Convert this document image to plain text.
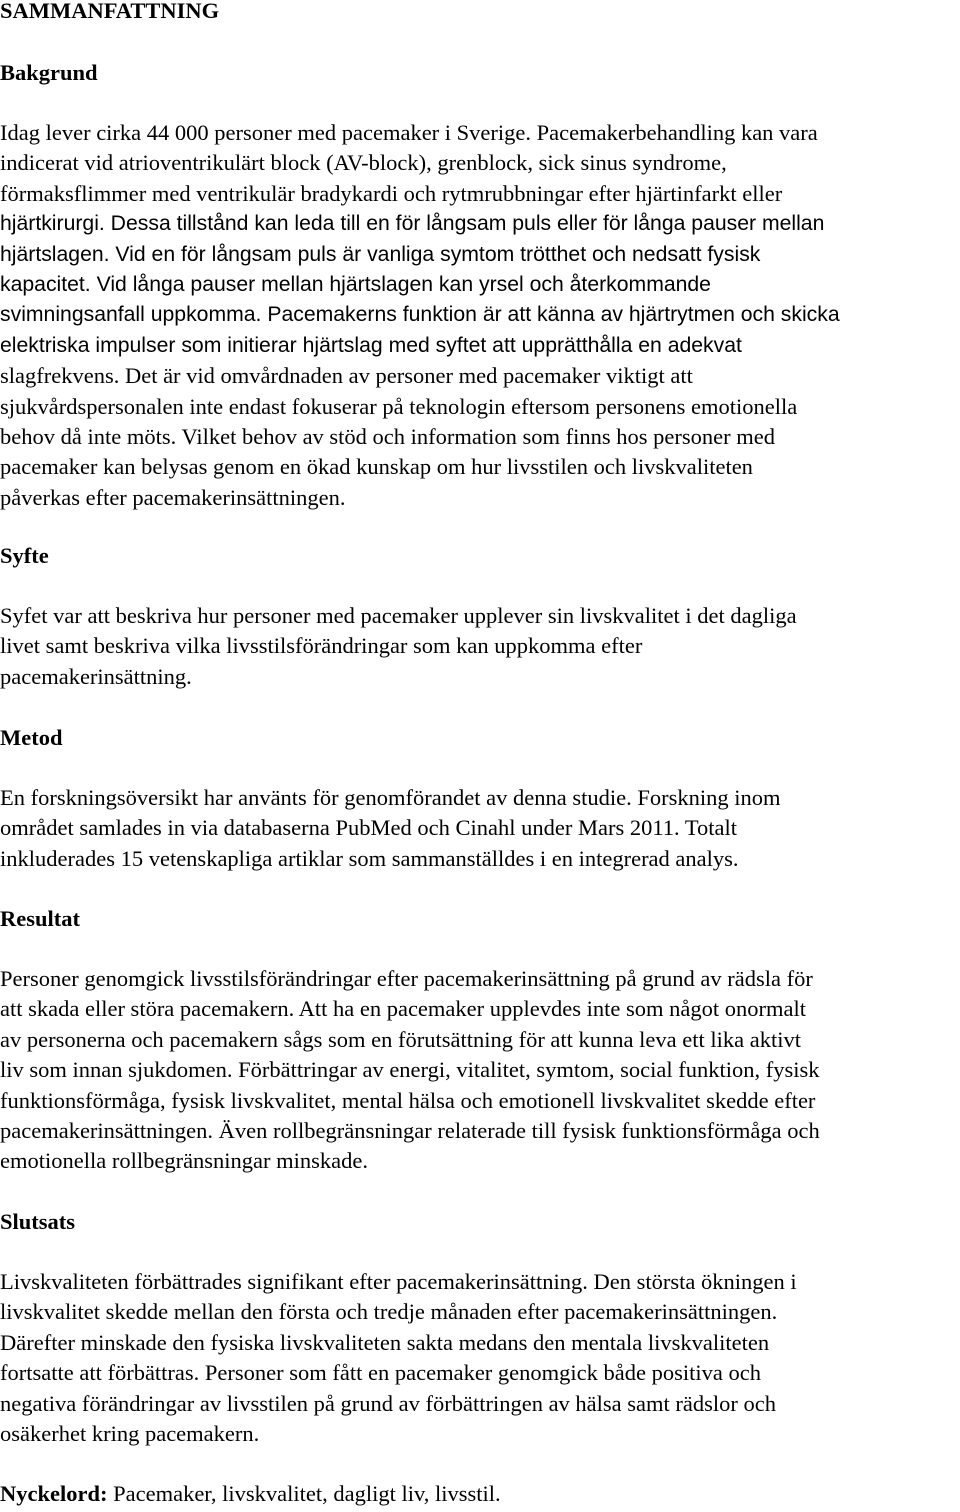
SAMMANFATTNING
Bakgrund
Idag lever cirka 44 000 personer med pacemaker i Sverige. Pacemakerbehandling kan vara
indicerat vid atrioventrikulärt block (AV-block), grenblock, sick sinus syndrome,
förmaksflimmer med ventrikulär bradykardi och rytmrubbningar efter hjärtinfarkt eller
hjärtkirurgi. Dessa tillstånd kan leda till en för långsam puls eller för långa pauser mellan
hjärtslagen. Vid en för långsam puls är vanliga symtom trötthet och nedsatt fysisk
kapacitet. Vid långa pauser mellan hjärtslagen kan yrsel och återkommande
svimningsanfall uppkomma. Pacemakerns funktion är att känna av hjärtrytmen och skicka
elektriska impulser som initierar hjärtslag med syftet att upprätthålla en adekvat
slagfrekvens. Det är vid omvårdnaden av personer med pacemaker viktigt att
sjukvårdspersonalen inte endast fokuserar på teknologin eftersom personens emotionella
behov då inte möts. Vilket behov av stöd och information som finns hos personer med
pacemaker kan belysas genom en ökad kunskap om hur livsstilen och livskvaliteten
påverkas efter pacemakerinsättningen.
Syfte
Syfet var att beskriva hur personer med pacemaker upplever sin livskvalitet i det dagliga
livet samt beskriva vilka livsstilsförändringar som kan uppkomma efter
pacemakerinsättning.
Metod
En forskningsöversikt har använts för genomförandet av denna studie. Forskning inom
området samlades in via databaserna PubMed och Cinahl under Mars 2011. Totalt
inkluderades 15 vetenskapliga artiklar som sammanställdes i en integrerad analys.
Resultat
Personer genomgick livsstilsförändringar efter pacemakerinsättning på grund av rädsla för
att skada eller störa pacemakern. Att ha en pacemaker upplevdes inte som något onormalt
av personerna och pacemakern sågs som en förutsättning för att kunna leva ett lika aktivt
liv som innan sjukdomen. Förbättringar av energi, vitalitet, symtom, social funktion, fysisk
funktionsförmåga, fysisk livskvalitet, mental hälsa och emotionell livskvalitet skedde efter
pacemakerinsättningen. Även rollbegränsningar relaterade till fysisk funktionsförmåga och
emotionella rollbegränsningar minskade.
Slutsats
Livskvaliteten förbättrades signifikant efter pacemakerinsättning. Den största ökningen i
livskvalitet skedde mellan den första och tredje månaden efter pacemakerinsättningen.
Därefter minskade den fysiska livskvaliteten sakta medans den mentala livskvaliteten
fortsatte att förbättras. Personer som fått en pacemaker genomgick både positiva och
negativa förändringar av livsstilen på grund av förbättringen av hälsa samt rädslor och
osäkerhet kring pacemakern.
Nyckelord: Pacemaker, livskvalitet, dagligt liv, livsstil.
